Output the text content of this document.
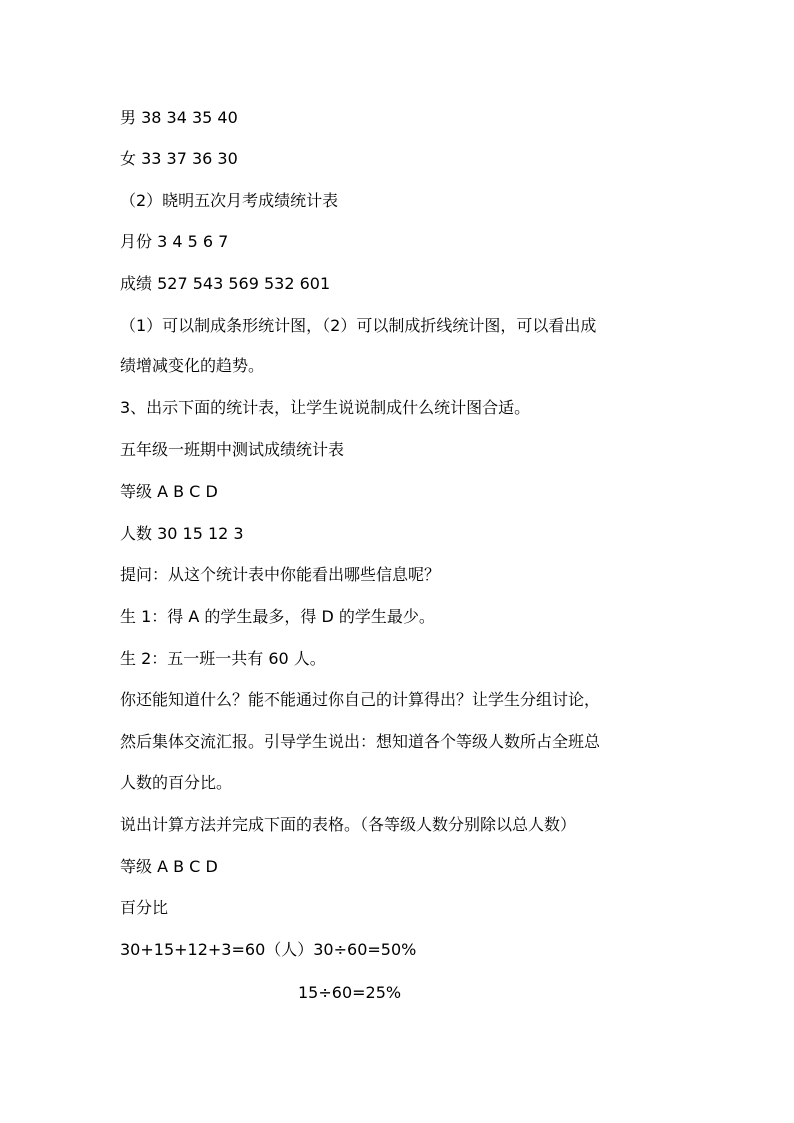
男 38 34 35 40
女 33 37 36 30
（2）晓明五次月考成绩统计表
月份 3 4 5 6 7
成绩 527 543 569 532 601
（1）可以制成条形统计图，（2）可以制成折线统计图，可以看出成
绩增减变化的趋势。
3、出示下面的统计表，让学生说说制成什么统计图合适。
五年级一班期中测试成绩统计表
等级 A B C D
人数 30 15 12 3
提问：从这个统计表中你能看出哪些信息呢？
生 1：得 A 的学生最多，得 D 的学生最少。
生 2：五一班一共有 60 人。
你还能知道什么？能不能通过你自己的计算得出？让学生分组讨论，
然后集体交流汇报。引导学生说出：想知道各个等级人数所占全班总
人数的百分比。
说出计算方法并完成下面的表格。（各等级人数分别除以总人数）
等级 A B C D
百分比
30+15+12+3=60（人）30÷60=50%
15÷60=25%
